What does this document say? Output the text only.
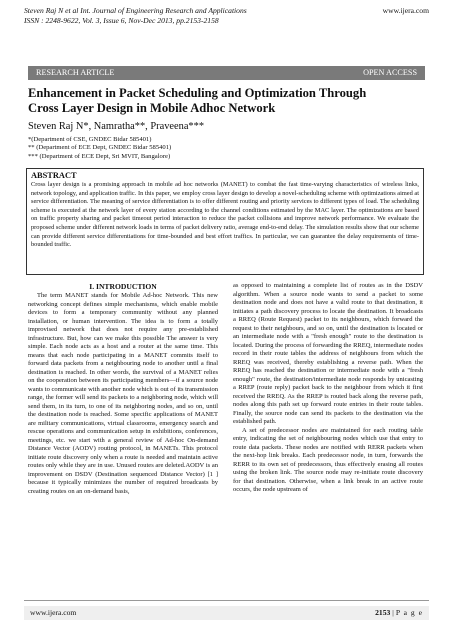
Steven Raj N et al Int. Journal of Engineering Research and Applications
ISSN : 2248-9622, Vol. 3, Issue 6, Nov-Dec 2013, pp.2153-2158
www.ijera.com
RESEARCH ARTICLE	OPEN ACCESS
Enhancement in Packet Scheduling and Optimization Through Cross Layer Design in Mobile Adhoc Network
Steven Raj N*, Namratha**, Praveena***
*(Department of CSE, GNDEC Bidar 585401)
** (Department of ECE Dept, GNDEC Bidar 585401)
*** (Department of ECE Dept, Sri MVIT, Bangalore)
ABSTRACT
Cross layer design is a promising approach in mobile ad hoc networks (MANET) to combat the fast time-varying characteristics of wireless links, network topology, and application traffic. In this paper, we employ cross layer design to develop a novel-scheduling scheme with optimizations aimed at service differentiation. The meaning of service differentiation is to offer different routing and priority services to different types of load. The scheduling scheme is executed at the network layer of every station according to the channel conditions estimated by the MAC layer. The optimizations are based on traffic property sharing and packet timeout period interaction to reduce the packet collisions and improve network performance. We evaluate the proposed scheme under different network loads in terms of packet delivery ratio, average end-to-end delay. The simulation results show that our scheme can provide different service differentiations for time-bounded and best effort traffics. In particular, we can guarantee the delay requirements of time-bounded traffic.
I. INTRODUCTION

The term MANET stands for Mobile Ad-hoc Network. This new networking concept defines simple mechanisms, which enable mobile devices to form a temporary community without any planned installation, or human intervention. The idea is to form a totally improvised network that does not require any pre-established infrastructure. But, how can we make this possible The answer is very simple. Each node acts as a host and a router at the same time. This means that each node participating in a MANET commits itself to forward data packets from a neighbouring node to another until a final destination is reached. In other words, the survival of a MANET relies on the cooperation between its participating members—if a source node wants to communicate with another node which is out of its transmission range, the former will send its packets to a neighboring node, which will send them, in its turn, to one of its neighboring nodes, and so on, until the destination node is reached. Some specific applications of MANET are military communications, virtual classrooms, emergency search and rescue operations and communication setup in exhibitions, conferences, meetings, etc. we start with a general review of Ad-hoc On-demand Distance Vector (AODV) routing protocol, in MANETs. This protocol initiate route discovery only when a route is needed and maintain active routes only while they are in use. Unused routes are deleted.AODV is an improvement on DSDV (Destination sequenced Distance Vector) [1 ] because it typically minimizes the number of required broadcasts by creating routes on an on-demand basis,

as opposed to maintaining a complete list of routes as in the DSDV algorithm. When a source node wants to send a packet to some destination node and does not have a valid route to that destination, it initiates a path discovery process to locate the destination. It broadcasts a RREQ (Route Request) packet to its neighbours, which forward the request to their neighbours, and so on, until the destination is located or an intermediate node with a "fresh enough" route to the destination is located. During the process of forwarding the RREQ, intermediate nodes record in their route tables the address of neighbours from which the RREQ was received, thereby establishing a reverse path. When the RREQ has reached the destination or intermediate node with a "fresh enough" route, the destination/intermediate node responds by unicasting a RREP (route reply) packet back to the neighbour from which it first received the RREQ. As the RREP is routed back along the reverse path, nodes along this path set up forward route entries in their route tables. Finally, the source node can send its packets to the destination via the established path.

A set of predecessor nodes are maintained for each routing table entry, indicating the set of neighbouring nodes which use that entry to route data packets. These nodes are notified with RERR packets when the next-hop link breaks. Each predecessor node, in turn, forwards the RERR to its own set of predecessors, thus effectively erasing all routes using the broken link. The source node may re-initiate route discovery for that destination. Otherwise, when a link break in an active route occurs, the node upstream of

www.ijera.com	2153 | P a g e
